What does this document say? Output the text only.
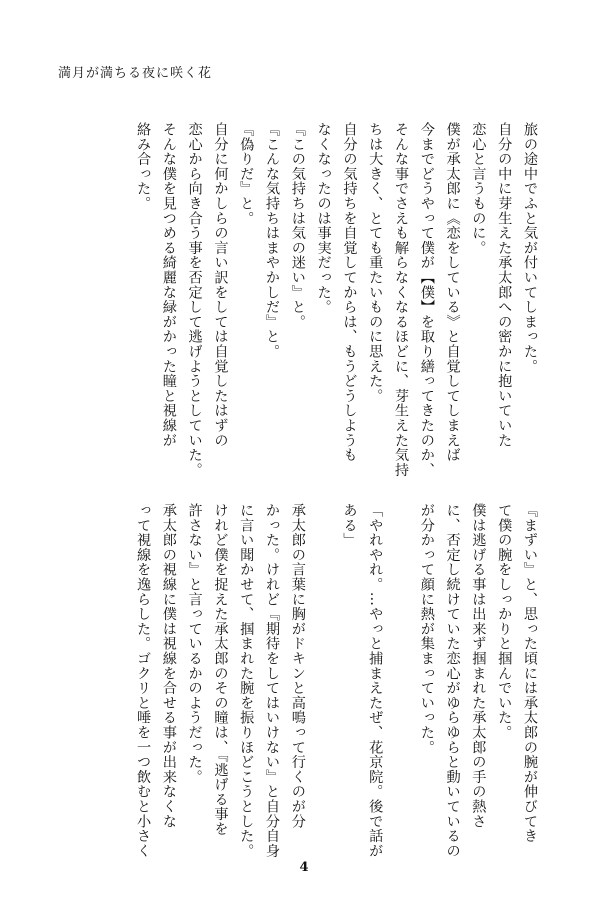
満月が満ちる夜に咲く花

旅の途中でふと気が付いてしまった。

自分の中に芽生えた承太郎への密かに抱いていた

恋心と言うものに。

僕が承太郎に《恋をしている》と自覚してしまえば

今までどうやって僕が【僕】を取り繕ってきたのか、

そんな事でさえも解らなくなるほどに、芽生えた気持

ちは大きく、とても重たいものに思えた。

自分の気持ちを自覚してからは、もうどうしようも

なくなったのは事実だった。

『この気持ちは気の迷い』と。

『こんな気持ちはまやかしだ』と。

『偽りだ』と。

自分に何かしらの言い訳をしては自覚したはずの

恋心から向き合う事を否定して逃げようとしていた。

そんな僕を見つめる綺麗な緑がかった瞳と視線が

絡み合った。

『まずい』と、思った頃には承太郎の腕が伸びてき

て僕の腕をしっかりと掴んでいた。

僕は逃げる事は出来ず掴まれた承太郎の手の熱さ

に、否定し続けていた恋心がゆらゆらと動いているの

が分かって顔に熱が集まっていった。

「やれやれ。…やっと捕まえたぜ、花京院。後で話が

ある」

承太郎の言葉に胸がドキンと高鳴って行くのが分

かった。けれど『期待をしてはいけない』と自分自身

に言い聞かせて、掴まれた腕を振りほどこうとした。

けれど僕を捉えた承太郎のその瞳は、『逃げる事を

許さない』と言っているかのようだった。

承太郎の視線に僕は視線を合せる事が出来なくな

って視線を逸らした。ゴクリと唾を一つ飲むと小さく

4
